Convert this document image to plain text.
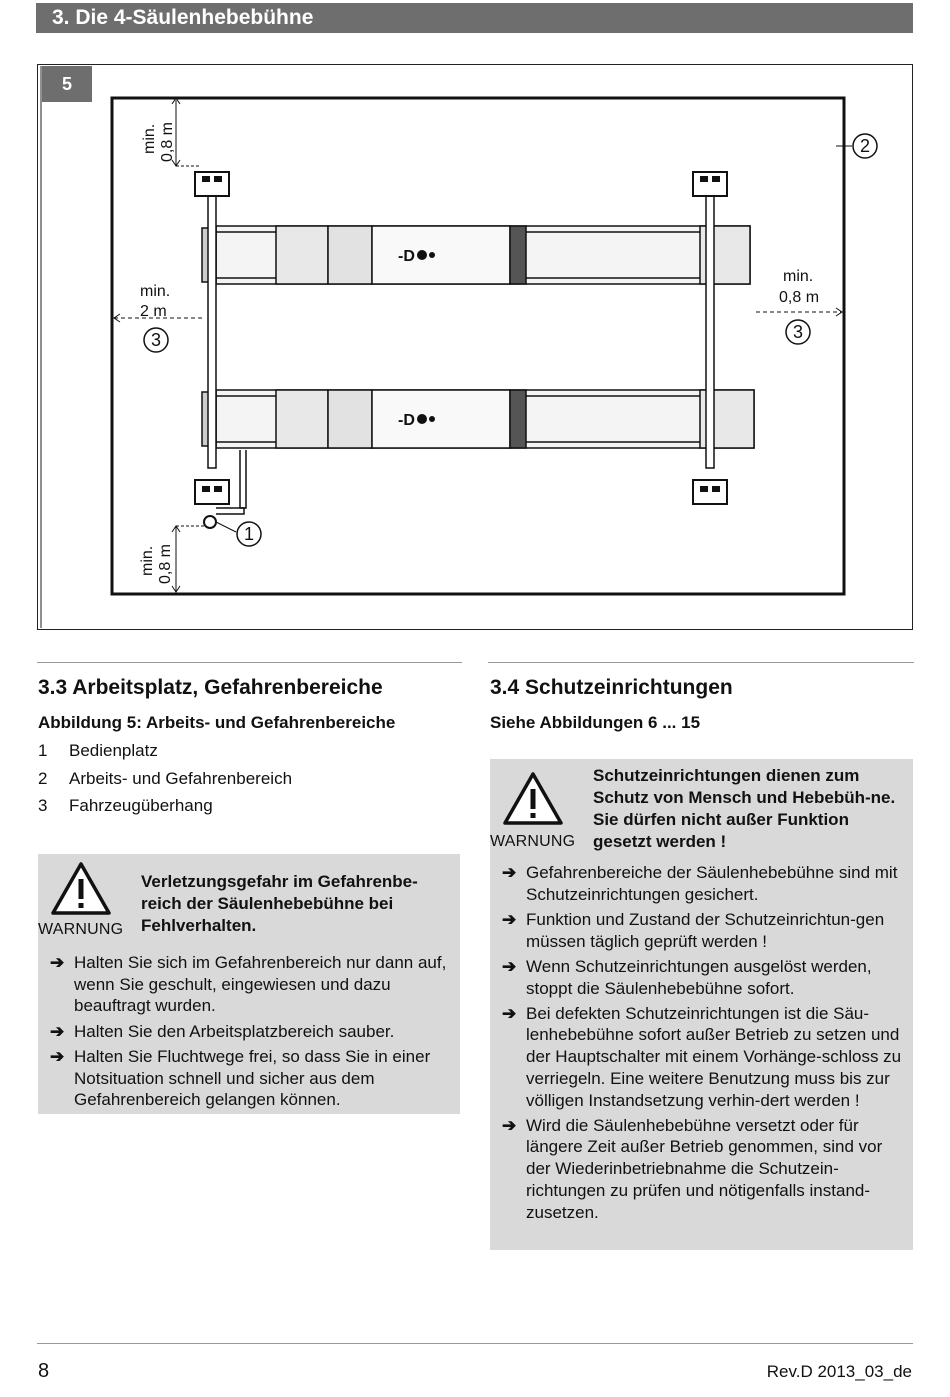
3. Die 4-Säulenhebebühne
5
-D
-D
min. 0,8 m
min.
2 m
min.
0,8 m
min. 0,8 m
2
3	3
1
3.3 Arbeitsplatz, Gefahrenbereiche
Abbildung 5: Arbeits- und Gefahrenbereiche
1 Bedienplatz
2 Arbeits- und Gefahrenbereich
3 Fahrzeugüberhang
WARNUNG
Verletzungsgefahr im Gefahrenbe-reich der Säulenhebebühne bei Fehlverhalten.
➔ Halten Sie sich im Gefahrenbereich nur dann auf, wenn Sie geschult, eingewiesen und dazu beauftragt wurden.
➔ Halten Sie den Arbeitsplatzbereich sauber.
➔ Halten Sie Fluchtwege frei, so dass Sie in einer Notsituation schnell und sicher aus dem Gefahrenbereich gelangen können.
3.4 Schutzeinrichtungen
Siehe Abbildungen 6 ... 15
WARNUNG
Schutzeinrichtungen dienen zum Schutz von Mensch und Hebebüh-ne. Sie dürfen nicht außer Funktion gesetzt werden !
➔ Gefahrenbereiche der Säulenhebebühne sind mit Schutzeinrichtungen gesichert.
➔ Funktion und Zustand der Schutzeinrichtun-gen müssen täglich geprüft werden !
➔ Wenn Schutzeinrichtungen ausgelöst werden, stoppt die Säulenhebebühne sofort.
➔ Bei defekten Schutzeinrichtungen ist die Säu-lenhebebühne sofort außer Betrieb zu setzen und der Hauptschalter mit einem Vorhänge-schloss zu verriegeln. Eine weitere Benutzung muss bis zur völligen Instandsetzung verhin-dert werden !
➔ Wird die Säulenhebebühne versetzt oder für längere Zeit außer Betrieb genommen, sind vor der Wiederinbetriebnahme die Schutzein-richtungen zu prüfen und nötigenfalls instand-zusetzen.
8	Rev.D 2013_03_de
